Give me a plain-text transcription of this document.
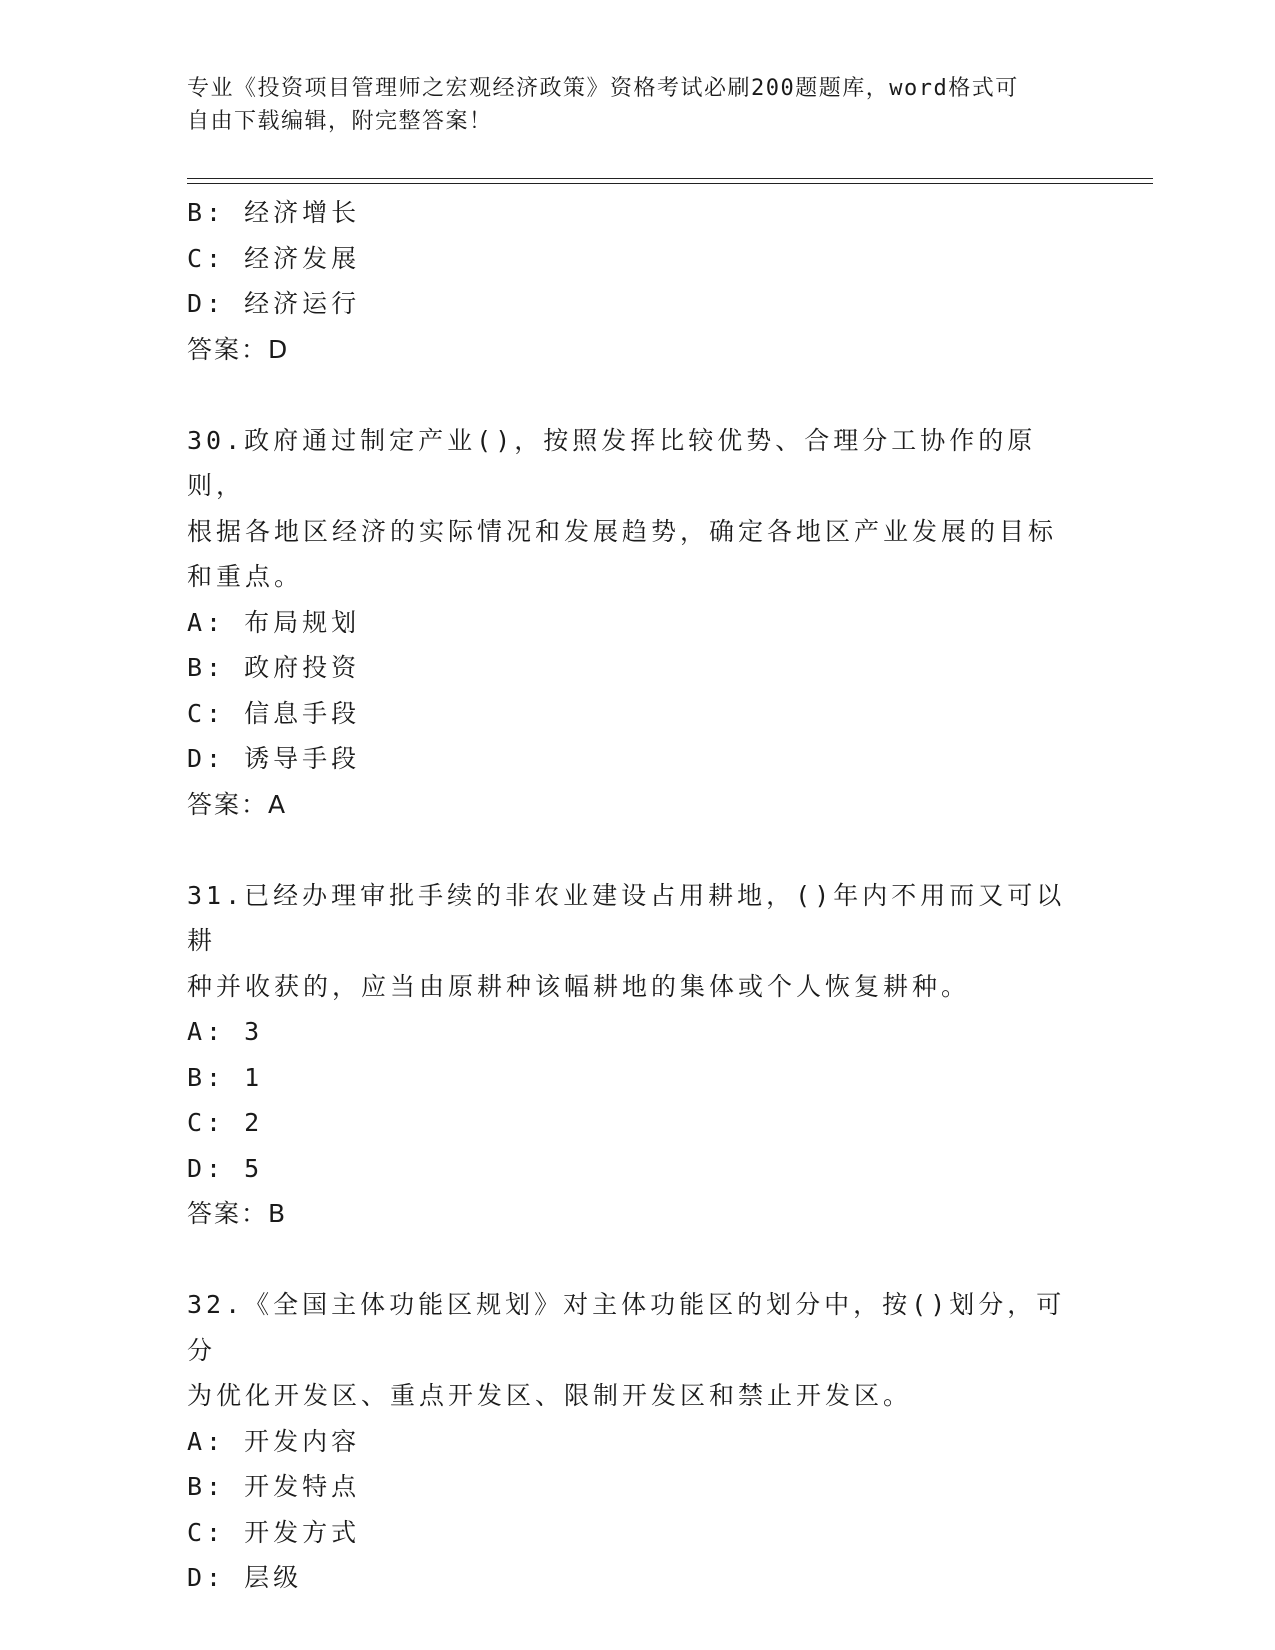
专业《投资项目管理师之宏观经济政策》资格考试必刷200题题库，word格式可
自由下载编辑，附完整答案！
B: 经济增长
C: 经济发展
D: 经济运行
答案：D
30.政府通过制定产业()，按照发挥比较优势、合理分工协作的原则，
根据各地区经济的实际情况和发展趋势，确定各地区产业发展的目标
和重点。
A: 布局规划
B: 政府投资
C: 信息手段
D: 诱导手段
答案：A
31.已经办理审批手续的非农业建设占用耕地，()年内不用而又可以耕
种并收获的，应当由原耕种该幅耕地的集体或个人恢复耕种。
A: 3
B: 1
C: 2
D: 5
答案：B
32.《全国主体功能区规划》对主体功能区的划分中，按()划分，可分
为优化开发区、重点开发区、限制开发区和禁止开发区。
A: 开发内容
B: 开发特点
C: 开发方式
D: 层级
